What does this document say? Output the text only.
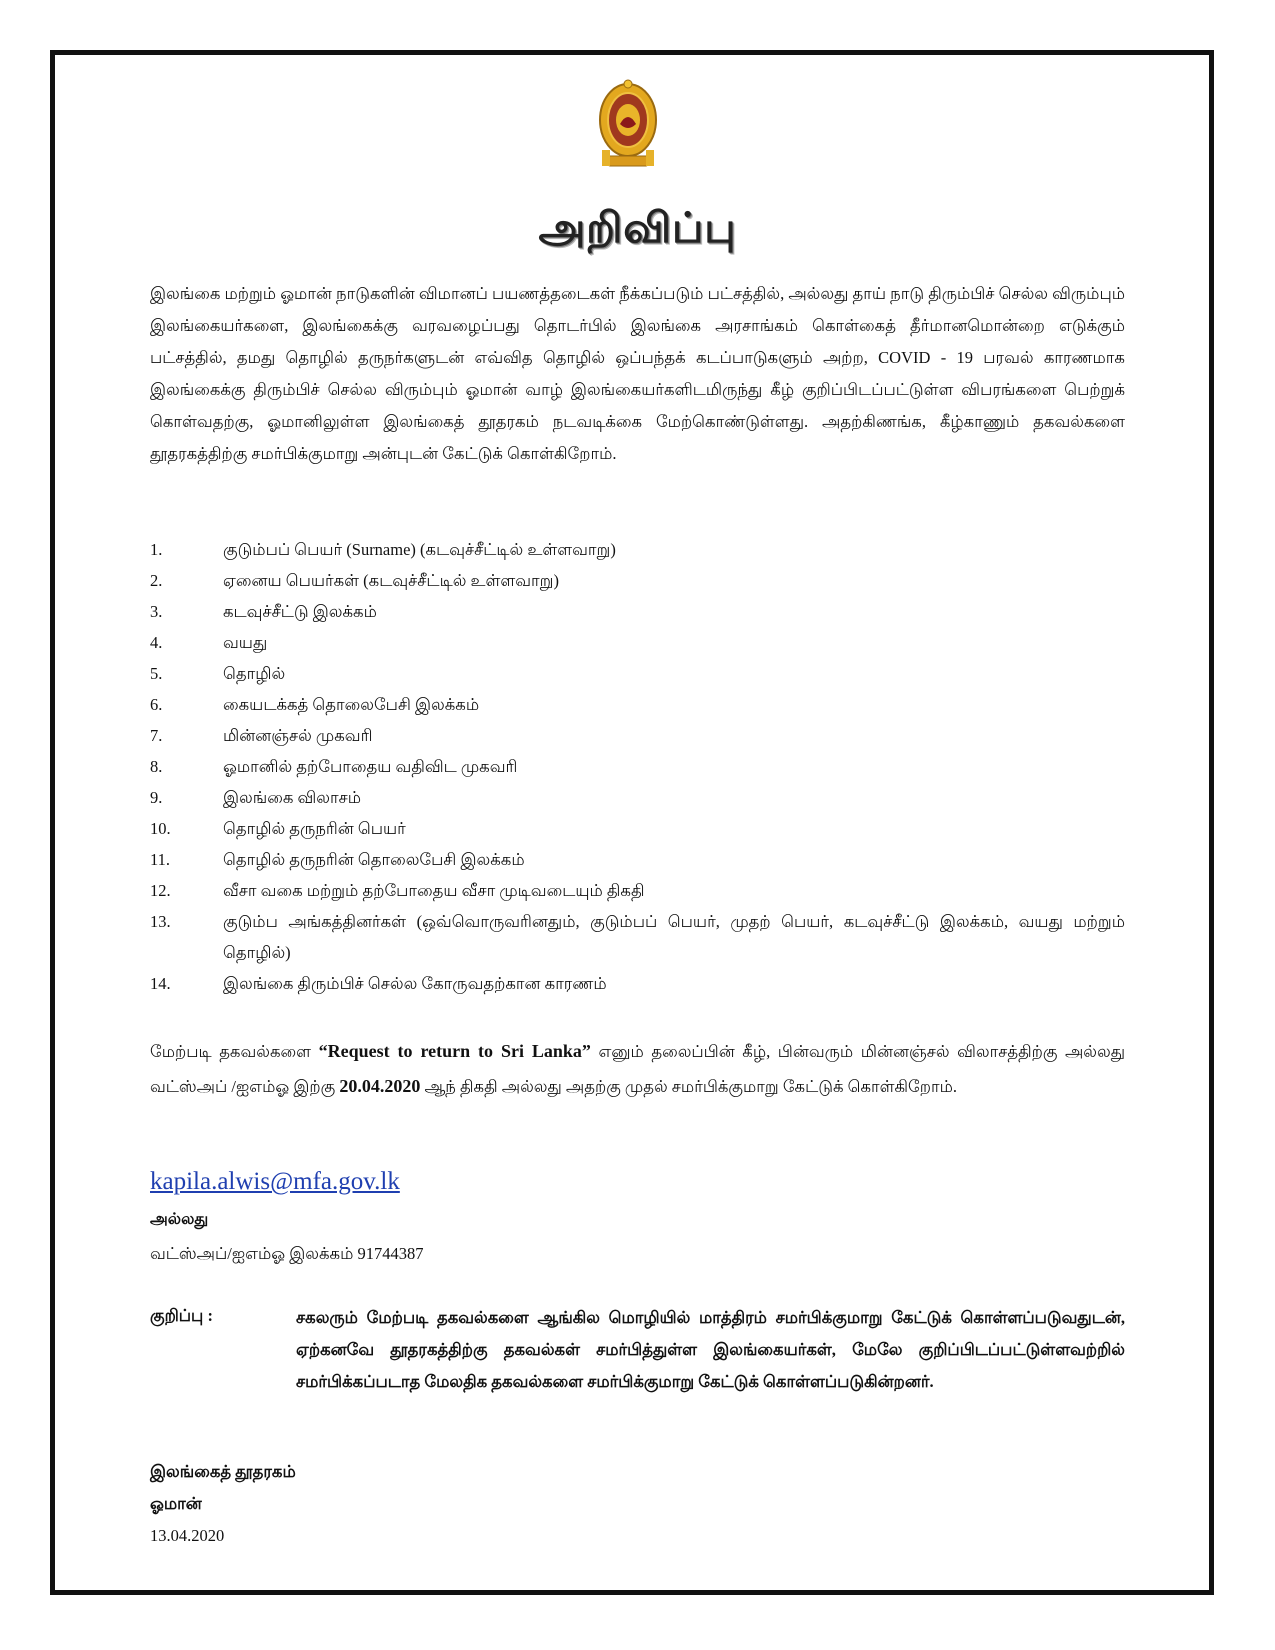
அறிவிப்பு

இலங்கை மற்றும் ஓமான் நாடுகளின் விமானப் பயணத்தடைகள் நீக்கப்படும் பட்சத்தில், அல்லது தாய் நாடு திரும்பிச் செல்ல விரும்பும் இலங்கையர்களை, இலங்கைக்கு வரவழைப்பது தொடர்பில் இலங்கை அரசாங்கம் கொள்கைத் தீர்மானமொன்றை எடுக்கும் பட்சத்தில், தமது தொழில் தருநர்களுடன் எவ்வித தொழில் ஒப்பந்தக் கடப்பாடுகளும் அற்ற, COVID - 19 பரவல் காரணமாக இலங்கைக்கு திரும்பிச் செல்ல விரும்பும் ஓமான் வாழ் இலங்கையர்களிடமிருந்து கீழ் குறிப்பிடப்பட்டுள்ள விபரங்களை பெற்றுக் கொள்வதற்கு, ஓமானிலுள்ள இலங்கைத் தூதரகம் நடவடிக்கை மேற்கொண்டுள்ளது. அதற்கிணங்க, கீழ்காணும் தகவல்களை தூதரகத்திற்கு சமர்பிக்குமாறு அன்புடன் கேட்டுக் கொள்கிறோம்.

1.	குடும்பப் பெயர் (Surname) (கடவுச்சீட்டில் உள்ளவாறு)
2.	ஏனைய பெயர்கள் (கடவுச்சீட்டில் உள்ளவாறு)
3.	கடவுச்சீட்டு இலக்கம்
4.	வயது
5.	தொழில்
6.	கையடக்கத் தொலைபேசி இலக்கம்
7.	மின்னஞ்சல் முகவரி
8.	ஓமானில் தற்போதைய வதிவிட முகவரி
9.	இலங்கை விலாசம்
10.	தொழில் தருநரின் பெயர்
11.	தொழில் தருநரின் தொலைபேசி இலக்கம்
12.	வீசா வகை மற்றும் தற்போதைய வீசா முடிவடையும் திகதி
13.	குடும்ப அங்கத்தினர்கள் (ஒவ்வொருவரினதும், குடும்பப் பெயர், முதற் பெயர், கடவுச்சீட்டு இலக்கம், வயது மற்றும் தொழில்)
14.	இலங்கை திரும்பிச் செல்ல கோருவதற்கான காரணம்

மேற்படி தகவல்களை “Request to return to Sri Lanka” எனும் தலைப்பின் கீழ், பின்வரும் மின்னஞ்சல் விலாசத்திற்கு அல்லது வட்ஸ்அப் /ஐஎம்ஓ இற்கு 20.04.2020 ஆந் திகதி அல்லது அதற்கு முதல் சமர்பிக்குமாறு கேட்டுக் கொள்கிறோம்.

kapila.alwis@mfa.gov.lk
அல்லது
வட்ஸ்அப்/ஐஎம்ஓ இலக்கம் 91744387
குறிப்பு :	சகலரும் மேற்படி தகவல்களை ஆங்கில மொழியில் மாத்திரம் சமர்பிக்குமாறு கேட்டுக் கொள்ளப்படுவதுடன், ஏற்கனவே தூதரகத்திற்கு தகவல்கள் சமர்பித்துள்ள இலங்கையர்கள், மேலே குறிப்பிடப்பட்டுள்ளவற்றில் சமர்பிக்கப்படாத மேலதிக தகவல்களை சமர்பிக்குமாறு கேட்டுக் கொள்ளப்படுகின்றனர்.

இலங்கைத் தூதரகம்
ஓமான்
13.04.2020
